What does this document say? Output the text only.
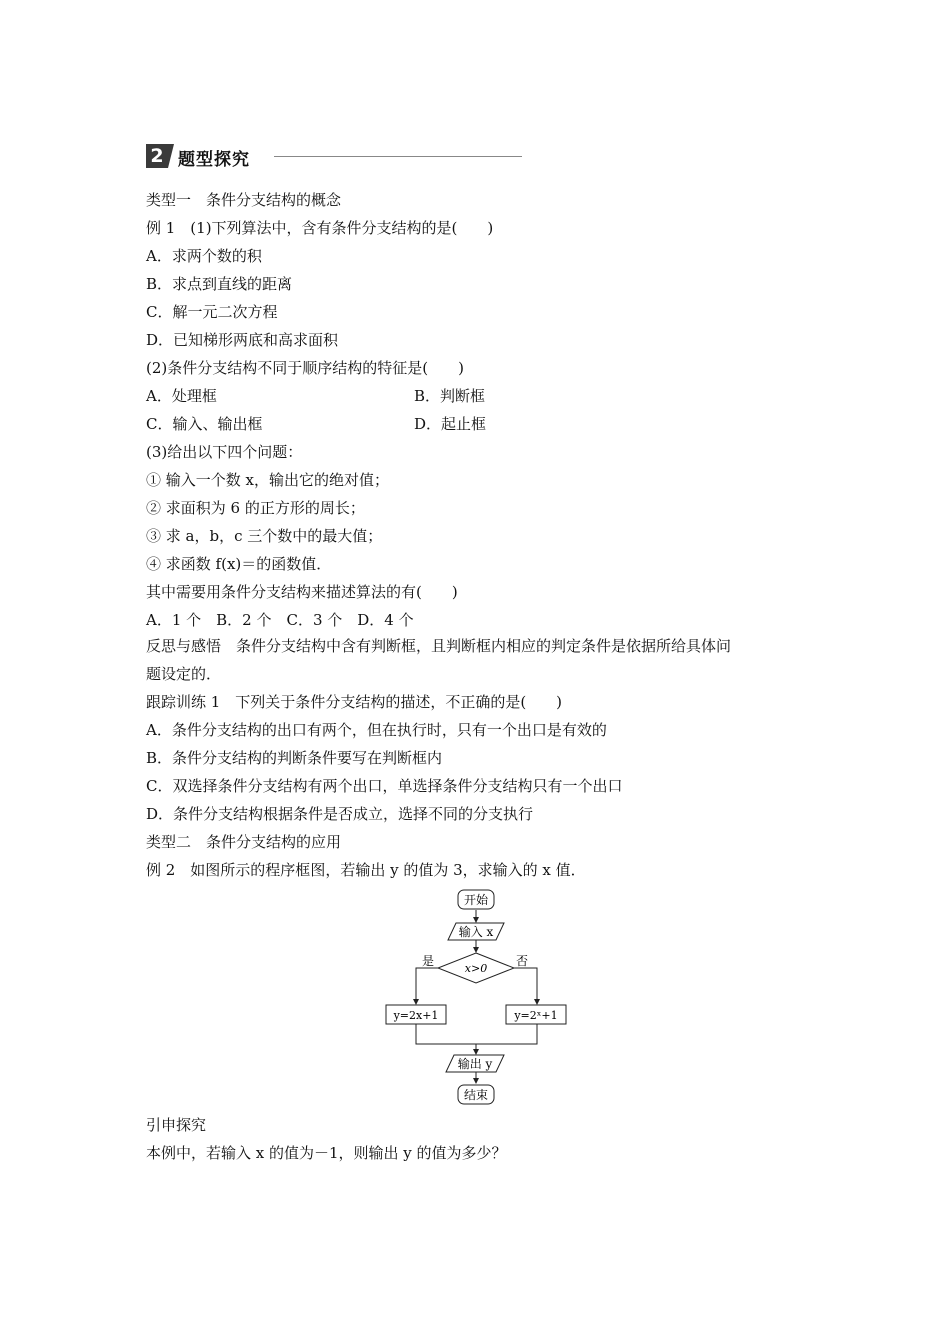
2 题型探究
类型一　条件分支结构的概念
例 1　(1)下列算法中，含有条件分支结构的是(　　)
A．求两个数的积
B．求点到直线的距离
C．解一元二次方程
D．已知梯形两底和高求面积
(2)条件分支结构不同于顺序结构的特征是(　　)
A．处理框	B．判断框
C．输入、输出框	D．起止框
(3)给出以下四个问题：
① 输入一个数 x，输出它的绝对值；
② 求面积为 6 的正方形的周长；
③ 求 a，b，c 三个数中的最大值；
④ 求函数 f(x)＝的函数值．
其中需要用条件分支结构来描述算法的有(　　)
A．1 个　B．2 个　C．3 个　D．4 个
反思与感悟　条件分支结构中含有判断框，且判断框内相应的判定条件是依据所给具体问
题设定的．
跟踪训练 1　下列关于条件分支结构的描述，不正确的是(　　)
A．条件分支结构的出口有两个，但在执行时，只有一个出口是有效的
B．条件分支结构的判断条件要写在判断框内
C．双选择条件分支结构有两个出口，单选择条件分支结构只有一个出口
D．条件分支结构根据条件是否成立，选择不同的分支执行
类型二　条件分支结构的应用
例 2　如图所示的程序框图，若输出 y 的值为 3，求输入的 x 值．
开始
输入 x
x>0
是	否
y=2x+1	y=2ˣ+1
输出 y
结束
引申探究
本例中，若输入 x 的值为－1，则输出 y 的值为多少？
